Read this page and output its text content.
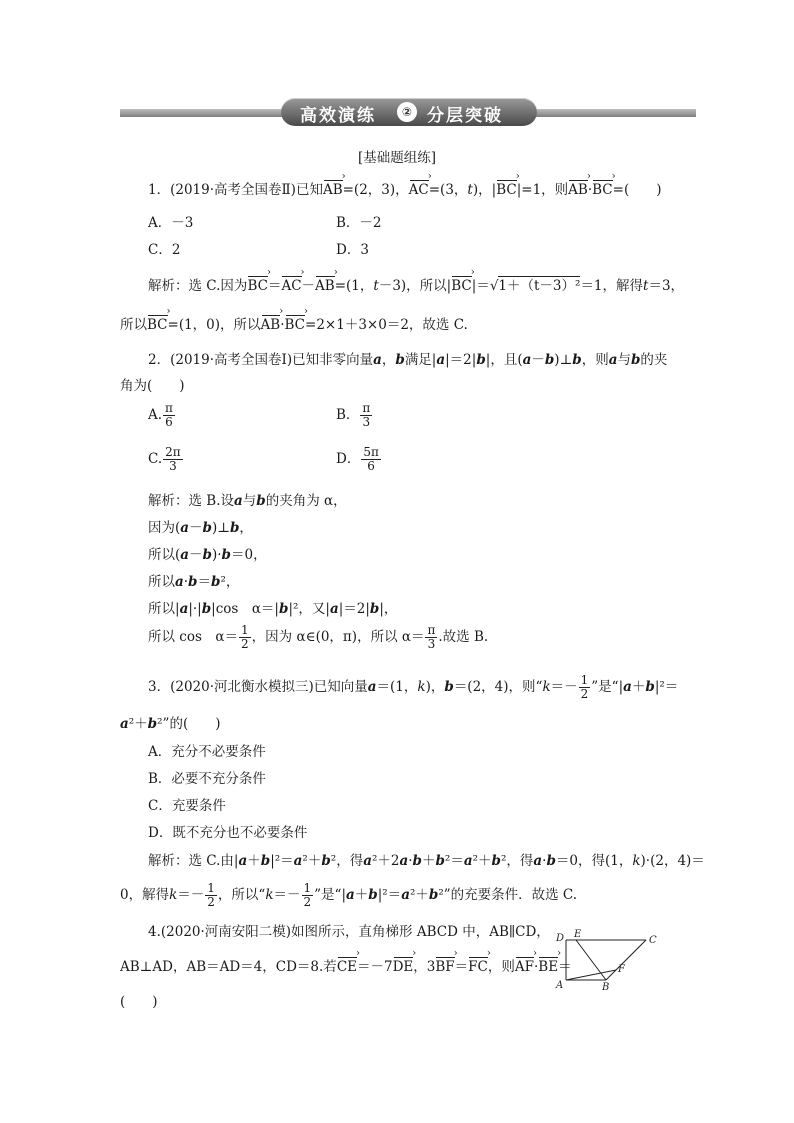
高效演练	② 分层突破
[基础题组练]
1．(2019·高考全国卷Ⅱ)已知AB ›=(2，3)，AC ›=(3，t)，|BC ›|=1，则AB ›·BC ›=(　　)
A．－3	B．－2
C．2	D．3
解析：选 C.因为BC ›＝AC ›－AB ›=(1，t－3)，所以|BC ›|＝√1＋（t－3）²＝1，解得t＝3，
所以BC ›=(1，0)，所以AB ›·BC ›=2×1＋3×0＝2，故选 C.
2．(2019·高考全国卷Ⅰ)已知非零向量a，b满足|a|＝2|b|，且(a－b)⊥b，则a与b的夹
角为(　　)
A. $\frac{\pi}{6}$	B． $\frac{\pi}{3}$
C. $\frac{2\pi}{3}$	D． $\frac{5\pi}{6}$
解析：选 B.设a与b的夹角为 α，
因为(a－b)⊥b，
所以(a－b)·b＝0，
所以a·b＝b²，
所以|a|·|b|cos　α＝|b|²，又|a|＝2|b|，
所以 cos　$\alpha= \frac{1}{2}$ ，因为 α∈(0，π)，所以 $\alpha= \frac{\pi}{3}$ .故选 B.
3．(2020·河北衡水模拟三)已知向量a＝(1，k)，b＝(2，4)，则“$k=- \frac{1}{2}$ ”是“|a＋b|²＝
a²＋b²”的(　　)
A．充分不必要条件
B．必要不充分条件
C．充要条件
D．既不充分也不必要条件
解析：选 C.由|a＋b|²＝a²＋b²，得a²＋2a·b＋b²＝a²＋b²，得a·b＝0，得(1，k)·(2，4)＝
0，解得$k=- \frac{1}{2}$ ，所以“$k=- \frac{1}{2}$ ”是“|a＋b|²＝a²＋b²”的充要条件．故选 C.
4.(2020·河南安阳二模)如图所示，直角梯形 ABCD 中，AB∥CD，
AB⊥AD，AB＝AD＝4，CD＝8.若CE ›＝－7DE ›，3BF ›＝FC ›，则AF ›·BE ›＝
(　　)
D E
C
A	B
F
